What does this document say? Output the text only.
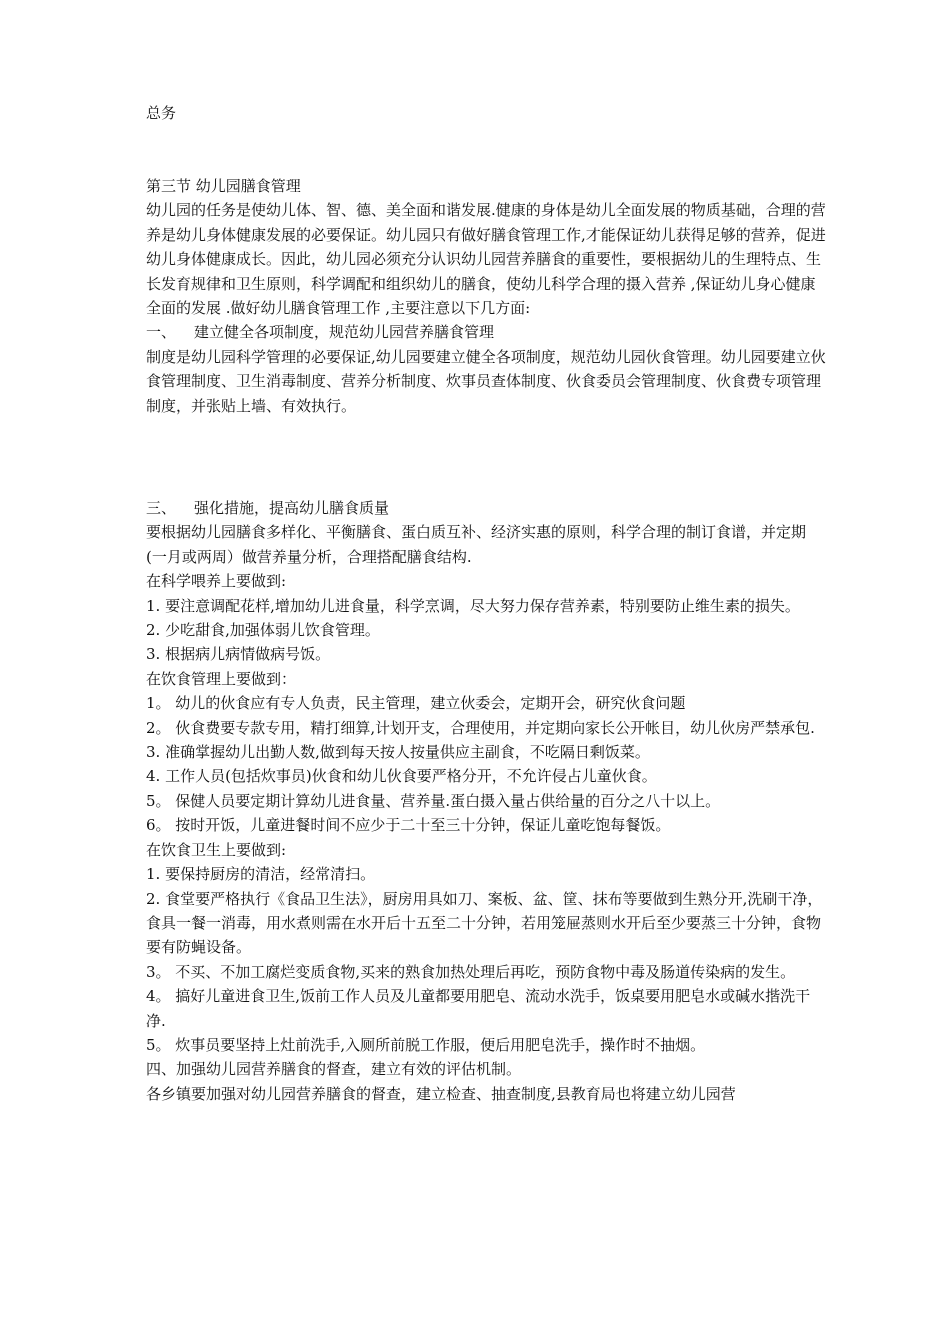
总务

第三节 幼儿园膳食管理

幼儿园的任务是使幼儿体、智、德、美全面和谐发展.健康的身体是幼儿全面发展的物质基础，合理的营养是幼儿身体健康发展的必要保证。幼儿园只有做好膳食管理工作,才能保证幼儿获得足够的营养，促进幼儿身体健康成长。因此，幼儿园必须充分认识幼儿园营养膳食的重要性，要根据幼儿的生理特点、生长发育规律和卫生原则，科学调配和组织幼儿的膳食，使幼儿科学合理的摄入营养 ,保证幼儿身心健康全面的发展 .做好幼儿膳食管理工作 ,主要注意以下几方面:

一、 建立健全各项制度，规范幼儿园营养膳食管理

制度是幼儿园科学管理的必要保证,幼儿园要建立健全各项制度，规范幼儿园伙食管理。幼儿园要建立伙食管理制度、卫生消毒制度、营养分析制度、炊事员查体制度、伙食委员会管理制度、伙食费专项管理制度，并张贴上墙、有效执行。

三、 强化措施，提高幼儿膳食质量

要根据幼儿园膳食多样化、平衡膳食、蛋白质互补、经济实惠的原则，科学合理的制订食谱，并定期(一月或两周）做营养量分析，合理搭配膳食结构.

在科学喂养上要做到:

1. 要注意调配花样,增加幼儿进食量，科学烹调，尽大努力保存营养素，特别要防止维生素的损失。

2. 少吃甜食,加强体弱儿饮食管理。

3. 根据病儿病情做病号饭。

在饮食管理上要做到：

1。 幼儿的伙食应有专人负责，民主管理，建立伙委会，定期开会，研究伙食问题

2。 伙食费要专款专用，精打细算,计划开支，合理使用，并定期向家长公开帐目，幼儿伙房严禁承包.

3. 准确掌握幼儿出勤人数,做到每天按人按量供应主副食，不吃隔日剩饭菜。

4. 工作人员(包括炊事员)伙食和幼儿伙食要严格分开，不允许侵占儿童伙食。

5。 保健人员要定期计算幼儿进食量、营养量.蛋白摄入量占供给量的百分之八十以上。

6。 按时开饭，儿童进餐时间不应少于二十至三十分钟，保证儿童吃饱每餐饭。

在饮食卫生上要做到:

1. 要保持厨房的清洁，经常清扫。

2. 食堂要严格执行《食品卫生法》，厨房用具如刀、案板、盆、筐、抹布等要做到生熟分开,洗刷干净，食具一餐一消毒，用水煮则需在水开后十五至二十分钟，若用笼屉蒸则水开后至少要蒸三十分钟，食物要有防蝇设备。

3。 不买、不加工腐烂变质食物,买来的熟食加热处理后再吃，预防食物中毒及肠道传染病的发生。

4。 搞好儿童进食卫生,饭前工作人员及儿童都要用肥皂、流动水洗手，饭桌要用肥皂水或碱水揩洗干净.

5。 炊事员要坚持上灶前洗手,入厕所前脱工作服，便后用肥皂洗手，操作时不抽烟。

四、加强幼儿园营养膳食的督查，建立有效的评估机制。

各乡镇要加强对幼儿园营养膳食的督查，建立检查、抽查制度,县教育局也将建立幼儿园营
